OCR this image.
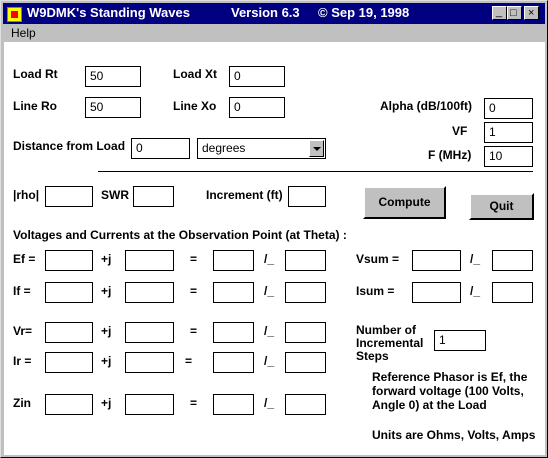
W9DMK's Standing Waves	Version 6.3 © Sep 19, 1998	_ □ ×
Help
Load Rt	50	Load Xt	0
Line Ro	50	Line Xo	0	Alpha (dB/100ft)	0
VF	1
Distance from Load 0	degrees	F (MHz)	10
|rho|	SWR	Increment (ft)	Compute	Quit
Voltages and Currents at the Observation Point (at Theta) :
Ef =	+j	=	/_	Vsum =	/_
If =	+j	=	/_	Isum =	/_
Vr=	+j	=	/_	Number of
Incremental
Steps
1
Ir =	+j	=	/_
Reference Phasor is Ef, the
forward voltage (100 Volts,
Angle 0) at the Load
Zin	+j	=	/_
Units are Ohms, Volts, Amps
